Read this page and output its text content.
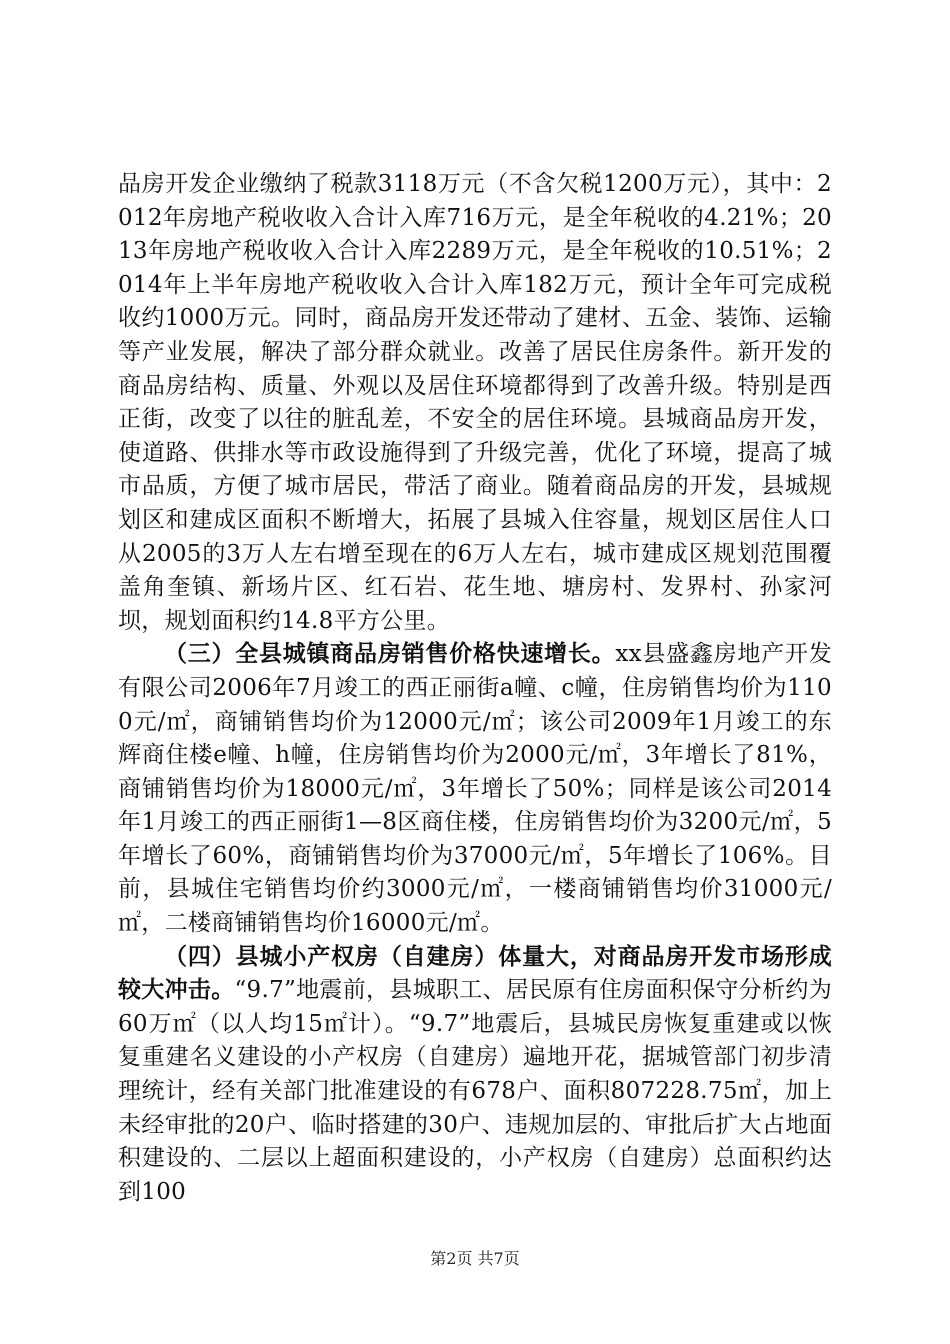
品房开发企业缴纳了税款3118万元（不含欠税1200万元），其中：2012年房地产税收收入合计入库716万元，是全年税收的4.21%；2013年房地产税收收入合计入库2289万元，是全年税收的10.51%；2014年上半年房地产税收收入合计入库182万元，预计全年可完成税收约1000万元。同时，商品房开发还带动了建材、五金、装饰、运输等产业发展，解决了部分群众就业。改善了居民住房条件。新开发的商品房结构、质量、外观以及居住环境都得到了改善升级。特别是西正街，改变了以往的脏乱差，不安全的居住环境。县城商品房开发，使道路、供排水等市政设施得到了升级完善，优化了环境，提高了城市品质，方便了城市居民，带活了商业。随着商品房的开发，县城规划区和建成区面积不断增大，拓展了县城入住容量，规划区居住人口从2005的3万人左右增至现在的6万人左右，城市建成区规划范围覆盖角奎镇、新场片区、红石岩、花生地、塘房村、发界村、孙家河坝，规划面积约14.8平方公里。

（三）全县城镇商品房销售价格快速增长。xx县盛鑫房地产开发有限公司2006年7月竣工的西正丽街a幢、c幢，住房销售均价为1100元/㎡，商铺销售均价为12000元/㎡；该公司2009年1月竣工的东辉商住楼e幢、h幢，住房销售均价为2000元/㎡，3年增长了81%，商铺销售均价为18000元/㎡，3年增长了50%；同样是该公司2014年1月竣工的西正丽街1—8区商住楼，住房销售均价为3200元/㎡，5年增长了60%，商铺销售均价为37000元/㎡，5年增长了106%。目前，县城住宅销售均价约3000元/㎡，一楼商铺销售均价31000元/㎡，二楼商铺销售均价16000元/㎡。

（四）县城小产权房（自建房）体量大，对商品房开发市场形成较大冲击。“9.7”地震前，县城职工、居民原有住房面积保守分析约为60万㎡（以人均15㎡计）。“9.7”地震后，县城民房恢复重建或以恢复重建名义建设的小产权房（自建房）遍地开花，据城管部门初步清理统计，经有关部门批准建设的有678户、面积807228.75㎡，加上未经审批的20户、临时搭建的30户、违规加层的、审批后扩大占地面积建设的、二层以上超面积建设的，小产权房（自建房）总面积约达到100

第2页 共7页
